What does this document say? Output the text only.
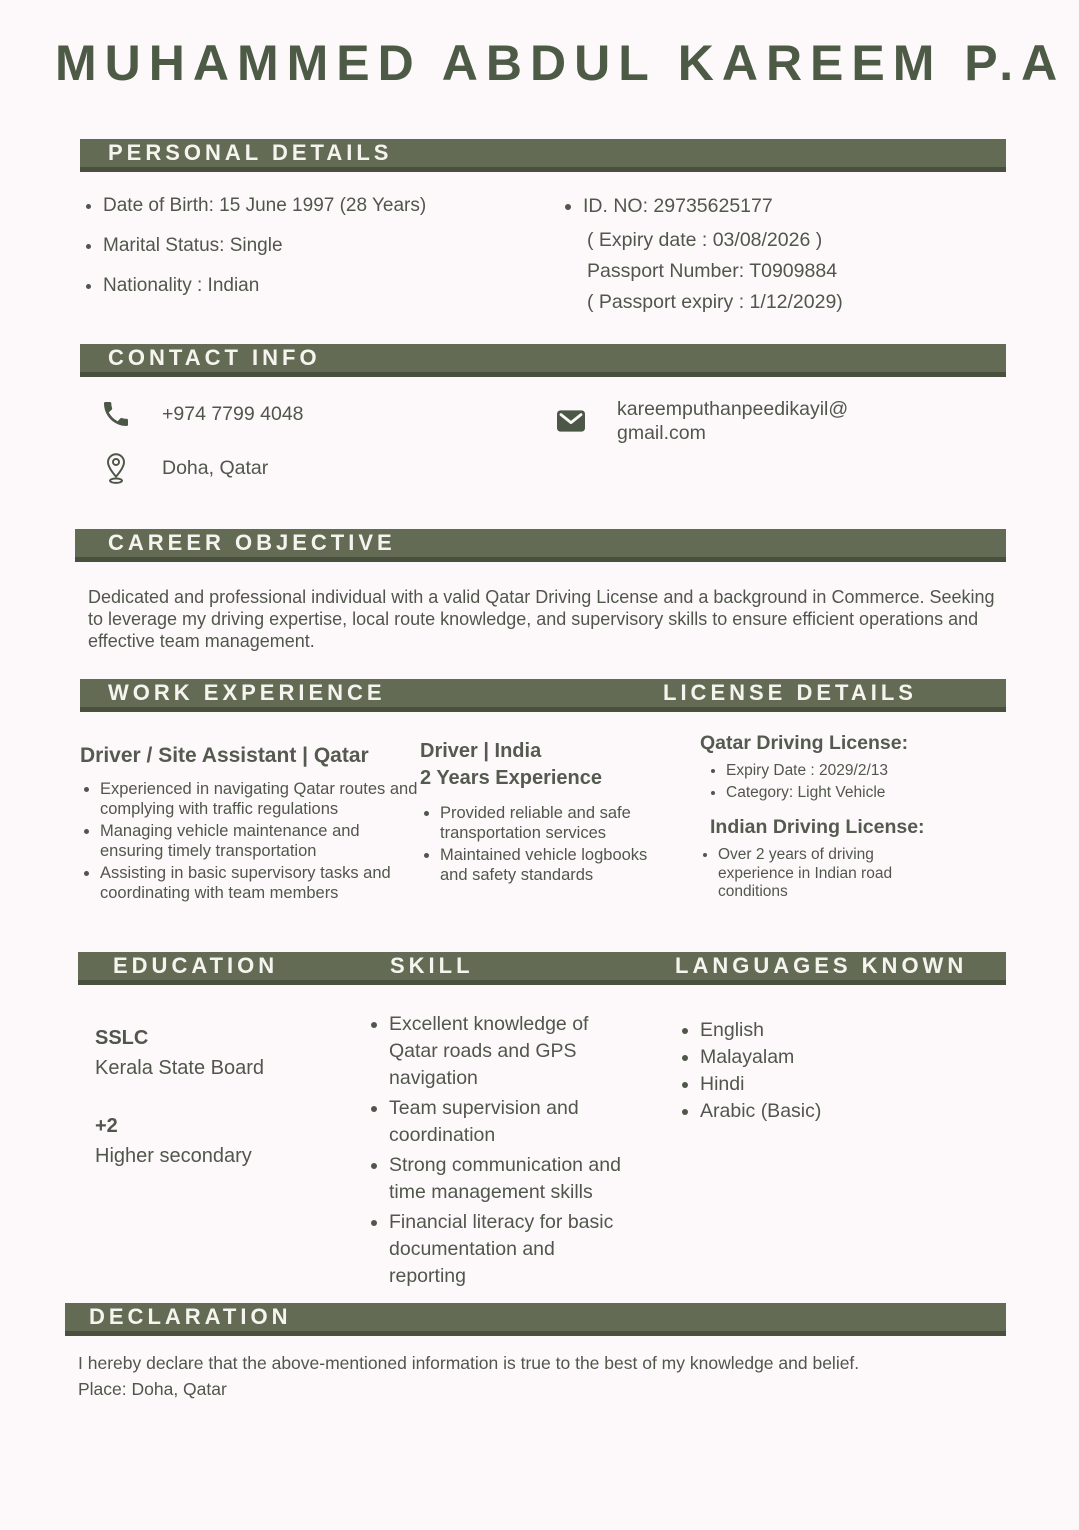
MUHAMMED ABDUL KAREEM P.A
PERSONAL DETAILS
• Date of Birth: 15 June 1997 (28 Years)
• Marital Status: Single
• Nationality : Indian
• ID. NO: 29735625177
( Expiry date : 03/08/2026 )
Passport Number: T0909884
( Passport expiry : 1/12/2029)
CONTACT INFO
+974 7799 4048
Doha, Qatar
kareemputhanpeedikayil@gmail.com
CAREER OBJECTIVE

Dedicated and professional individual with a valid Qatar Driving License and a background in Commerce. Seeking to leverage my driving expertise, local route knowledge, and supervisory skills to ensure efficient operations and effective team management.

WORK EXPERIENCE	LICENSE DETAILS
Driver / Site Assistant | Qatar
• Experienced in navigating Qatar routes and complying with traffic regulations
• Managing vehicle maintenance and ensuring timely transportation
• Assisting in basic supervisory tasks and coordinating with team members
Driver | India
2 Years Experience
• Provided reliable and safe transportation services
• Maintained vehicle logbooks and safety standards
Qatar Driving License:
• Expiry Date : 2029/2/13
• Category: Light Vehicle
Indian Driving License:
• Over 2 years of driving experience in Indian road conditions
EDUCATION	SKILL	LANGUAGES KNOWN
SSLC
Kerala State Board
+2
Higher secondary
• Excellent knowledge of Qatar roads and GPS navigation
• Team supervision and coordination
• Strong communication and time management skills
• Financial literacy for basic documentation and reporting
• English
• Malayalam
• Hindi
• Arabic (Basic)
DECLARATION
I hereby declare that the above-mentioned information is true to the best of my knowledge and belief.
Place: Doha, Qatar
